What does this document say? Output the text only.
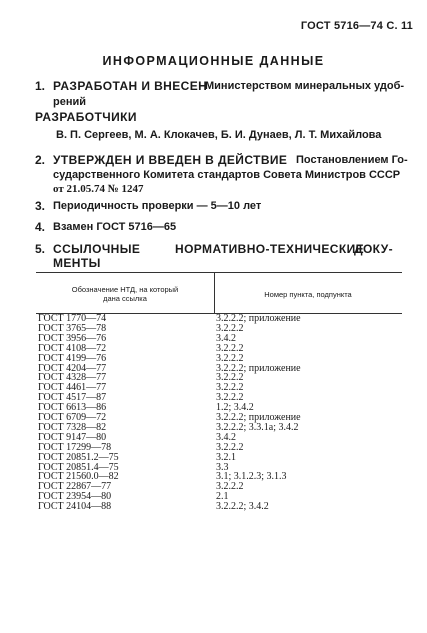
ГОСТ 5716—74 С. 11
ИНФОРМАЦИОННЫЕ ДАННЫЕ
1. РАЗРАБОТАН И ВНЕСЕН
Министерством минеральных удоб-
рений
РАЗРАБОТЧИКИ
В. П. Сергеев, М. А. Клокачев, Б. И. Дунаев, Л. Т. Михайлова
2. УТВЕРЖДЕН И ВВЕДЕН В ДЕЙСТВИЕ Постановлением Го-
сударственного Комитета стандартов Совета Министров СССР
от 21.05.74 № 1247
3. Периодичность проверки — 5—10 лет
4. Взамен ГОСТ 5716—65
5. ССЫЛОЧНЫЕ	НОРМАТИВНО-ТЕХНИЧЕСКИЕ
ДОКУ-
МЕНТЫ
Обозначение НТД, на который
дана ссылка	Номер пункта, подпункта
ГОСТ 1770—74	3.2.2.2; приложение
ГОСТ 3765—78	3.2.2.2
ГОСТ 3956—76	3.4.2
ГОСТ 4108—72	3.2.2.2
ГОСТ 4199—76	3.2.2.2
ГОСТ 4204—77	3.2.2.2; приложение
ГОСТ 4328—77	3.2.2.2
ГОСТ 4461—77	3.2.2.2
ГОСТ 4517—87	3.2.2.2
ГОСТ 6613—86	1.2; 3.4.2
ГОСТ 6709—72	3.2.2.2; приложение
ГОСТ 7328—82	3.2.2.2; 3.3.1а; 3.4.2
ГОСТ 9147—80	3.4.2
ГОСТ 17299—78	3.2.2.2
ГОСТ 20851.2—75	3.2.1
ГОСТ 20851.4—75	3.3
ГОСТ 21560.0—82	3.1; 3.1.2.3; 3.1.3
ГОСТ 22867—77	3.2.2.2
ГОСТ 23954—80	2.1
ГОСТ 24104—88	3.2.2.2; 3.4.2
